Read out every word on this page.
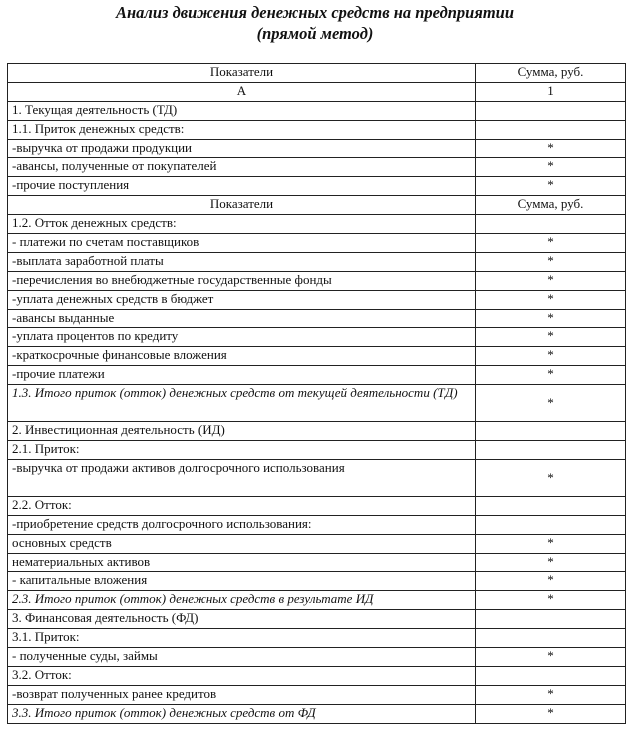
Анализ движения денежных средств на предприятии
(прямой метод)
Показатели	Сумма, руб.
А	1
1. Текущая деятельность (ТД)	
1.1. Приток денежных средств:	
-выручка от продажи продукции	*
-авансы, полученные от покупателей	*
-прочие поступления	*
Показатели	Сумма, руб.
1.2. Отток денежных средств:	
- платежи по счетам поставщиков	*
-выплата заработной платы	*
-перечисления во внебюджетные государственные фонды	*
-уплата денежных средств в бюджет	*
-авансы выданные	*
-уплата процентов по кредиту	*
-краткосрочные финансовые вложения	*
-прочие платежи	*
1.3. Итого приток (отток) денежных средств от текущей деятельности (ТД)	*
2. Инвестиционная деятельность (ИД)	
2.1. Приток:	
-выручка от продажи активов долгосрочного использования	*
2.2. Отток:	
-приобретение средств долгосрочного использования:	
основных средств	*
нематериальных активов	*
- капитальные вложения	*
2.3. Итого приток (отток) денежных средств в результате ИД	*
3. Финансовая деятельность (ФД)	
3.1. Приток:	
- полученные суды, займы	*
3.2. Отток:	
-возврат полученных ранее кредитов	*
3.3. Итого приток (отток) денежных средств от ФД	*
